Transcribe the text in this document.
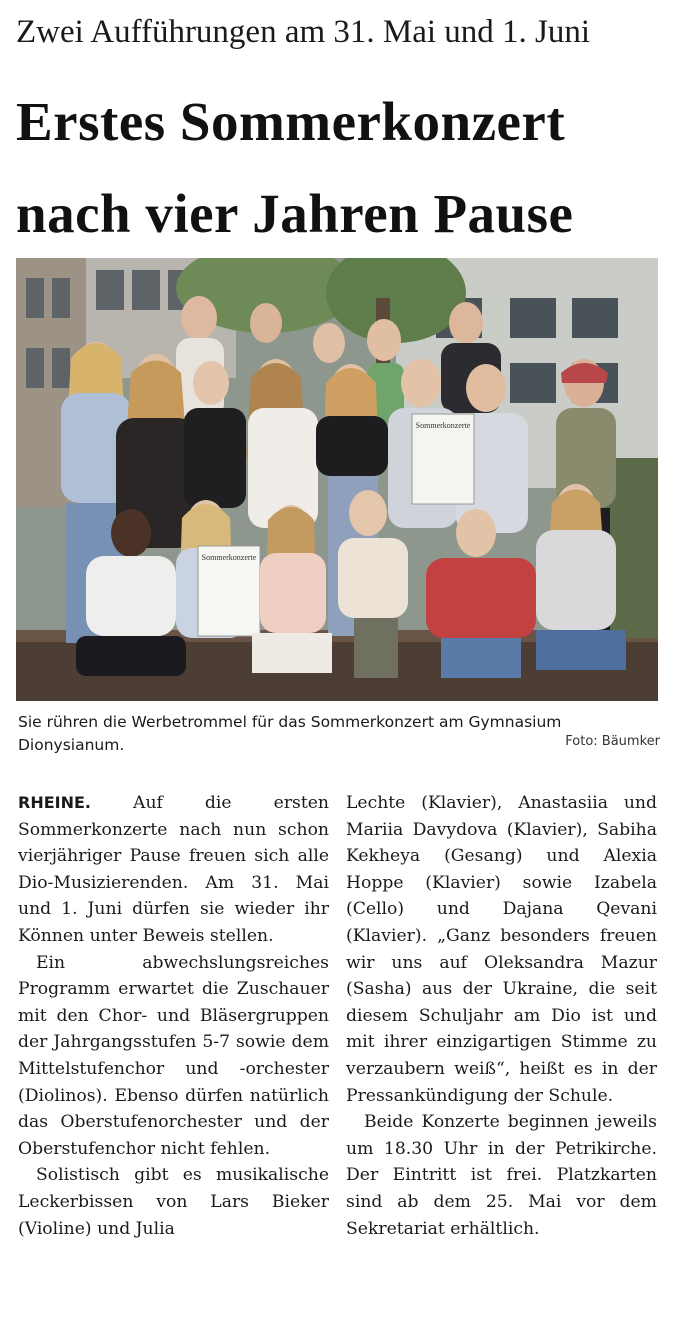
Zwei Aufführungen am 31. Mai und 1. Juni
Erstes Sommerkonzert nach vier Jahren Pause
Sommerkonzerte
Sommerkonzerte
Sie rühren die Werbetrommel für das Sommerkonzert am Gymnasium Dionysianum.	Foto: Bäumker

RHEINE. Auf die ersten Sommerkonzerte nach nun schon vierjähriger Pause freuen sich alle Dio-Musizierenden. Am 31. Mai und 1. Juni dürfen sie wieder ihr Können unter Beweis stellen.

Ein abwechslungsreiches Programm erwartet die Zuschauer mit den Chor- und Bläsergruppen der Jahrgangsstufen 5-7 sowie dem Mittelstufenchor und -orchester (Diolinos). Ebenso dürfen natürlich das Oberstufenorchester und der Oberstufenchor nicht fehlen.

Solistisch gibt es musikalische Leckerbissen von Lars Bieker (Violine) und Julia

Lechte (Klavier), Anastasiia und Mariia Davydova (Klavier), Sabiha Kekheya (Gesang) und Alexia Hoppe (Klavier) sowie Izabela (Cello) und Dajana Qevani (Klavier). „Ganz besonders freuen wir uns auf Oleksandra Mazur (Sasha) aus der Ukraine, die seit diesem Schuljahr am Dio ist und mit ihrer einzigartigen Stimme zu verzaubern weiß“, heißt es in der Pressankündigung der Schule.

Beide Konzerte beginnen jeweils um 18.30 Uhr in der Petrikirche. Der Eintritt ist frei. Platzkarten sind ab dem 25. Mai vor dem Sekretariat erhältlich.
